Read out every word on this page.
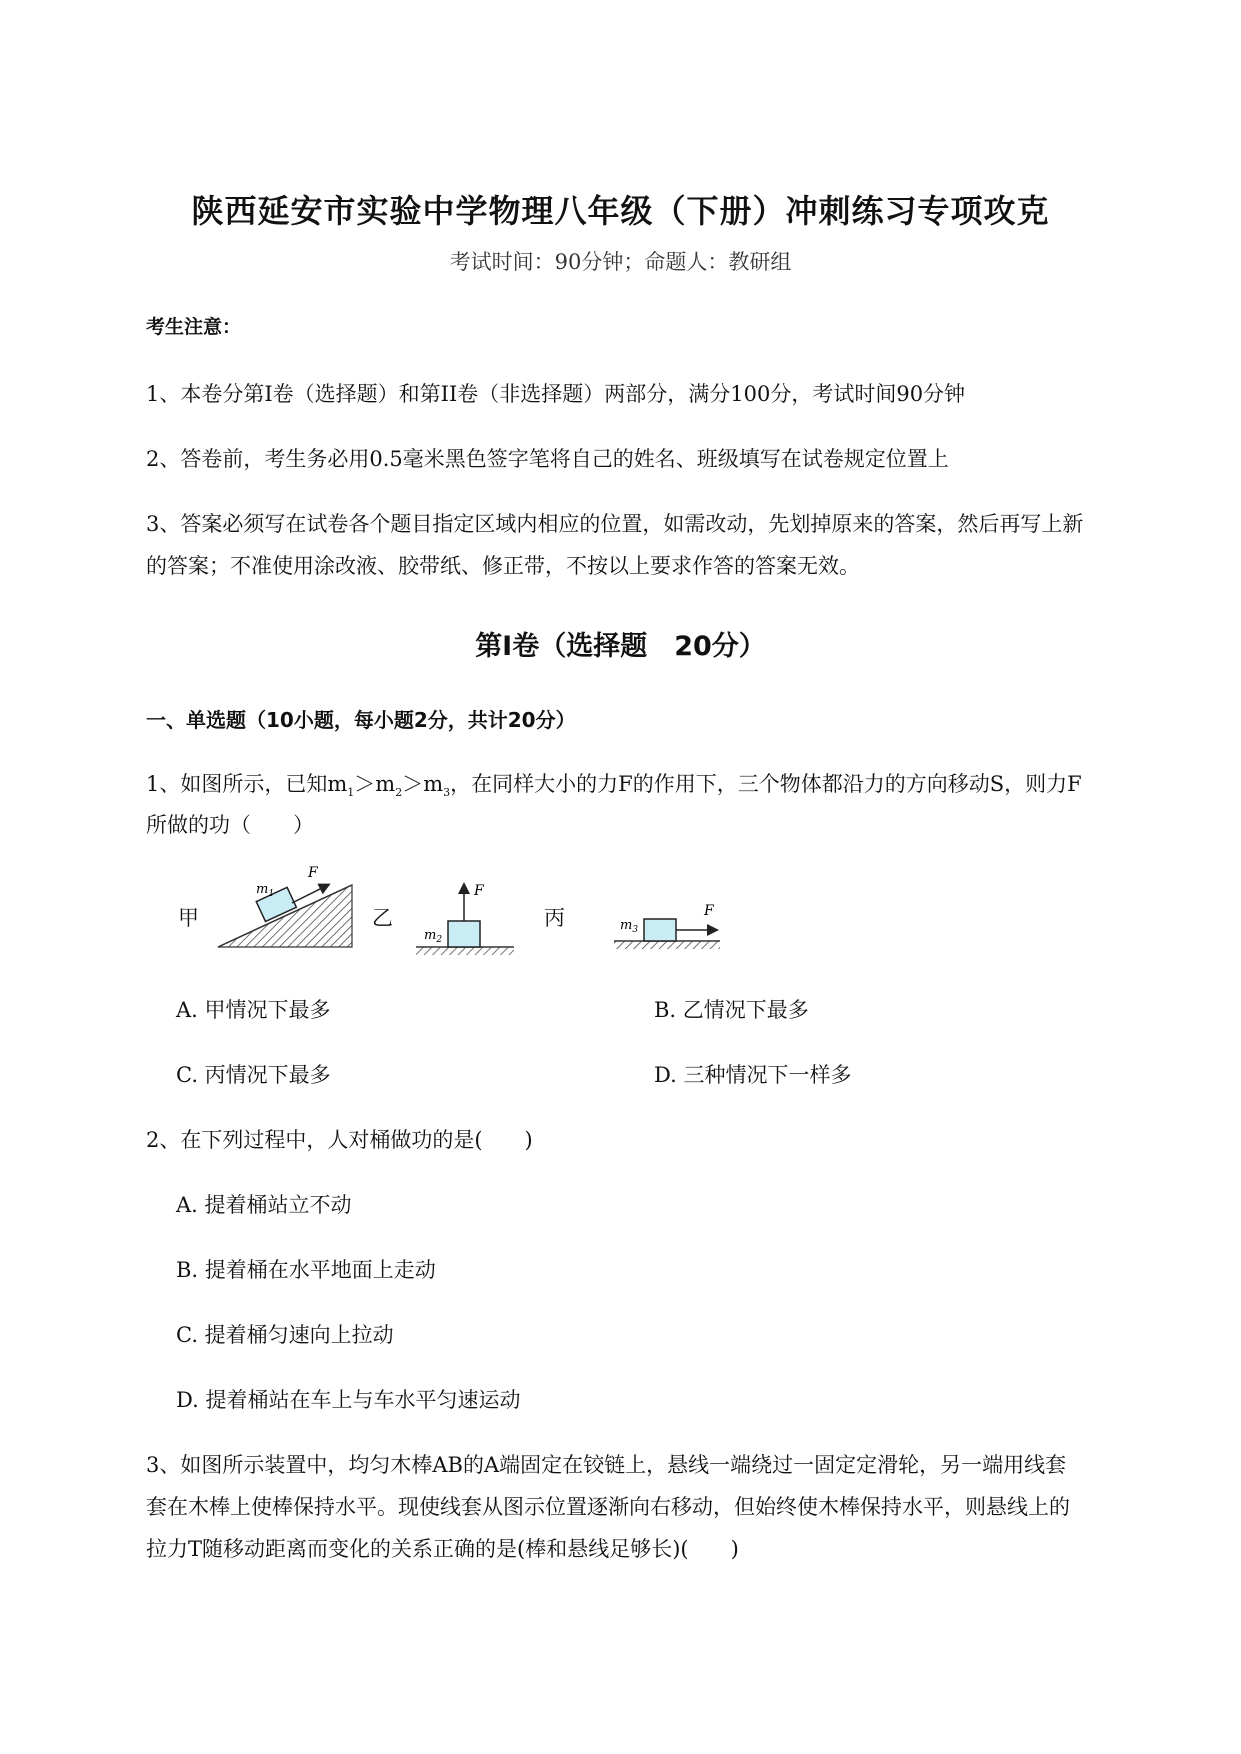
陕西延安市实验中学物理八年级（下册）冲刺练习专项攻克
考试时间：90分钟；命题人：教研组
考生注意：
1、本卷分第I卷（选择题）和第II卷（非选择题）两部分，满分100分，考试时间90分钟
2、答卷前，考生务必用0.5毫米黑色签字笔将自己的姓名、班级填写在试卷规定位置上
3、答案必须写在试卷各个题目指定区域内相应的位置，如需改动，先划掉原来的答案，然后再写上新
的答案；不准使用涂改液、胶带纸、修正带，不按以上要求作答的答案无效。
第I卷（选择题　20分）
一、单选题（10小题，每小题2分，共计20分）
1、如图所示，已知$m_1>m_2>m_3$，在同样大小的力F的作用下，三个物体都沿力的方向移动S，则力F
所做的功（　　）
甲	乙	丙
$m_1$
F
F
$m_2$
F
$m_3$
A. 甲情况下最多	B. 乙情况下最多
C. 丙情况下最多	D. 三种情况下一样多
2、在下列过程中，人对桶做功的是(　　)
A. 提着桶站立不动
B. 提着桶在水平地面上走动
C. 提着桶匀速向上拉动
D. 提着桶站在车上与车水平匀速运动
3、如图所示装置中，均匀木棒AB的A端固定在铰链上，悬线一端绕过一固定定滑轮，另一端用线套
套在木棒上使棒保持水平。现使线套从图示位置逐渐向右移动，但始终使木棒保持水平，则悬线上的
拉力T随移动距离而变化的关系正确的是(棒和悬线足够长)(　　)
